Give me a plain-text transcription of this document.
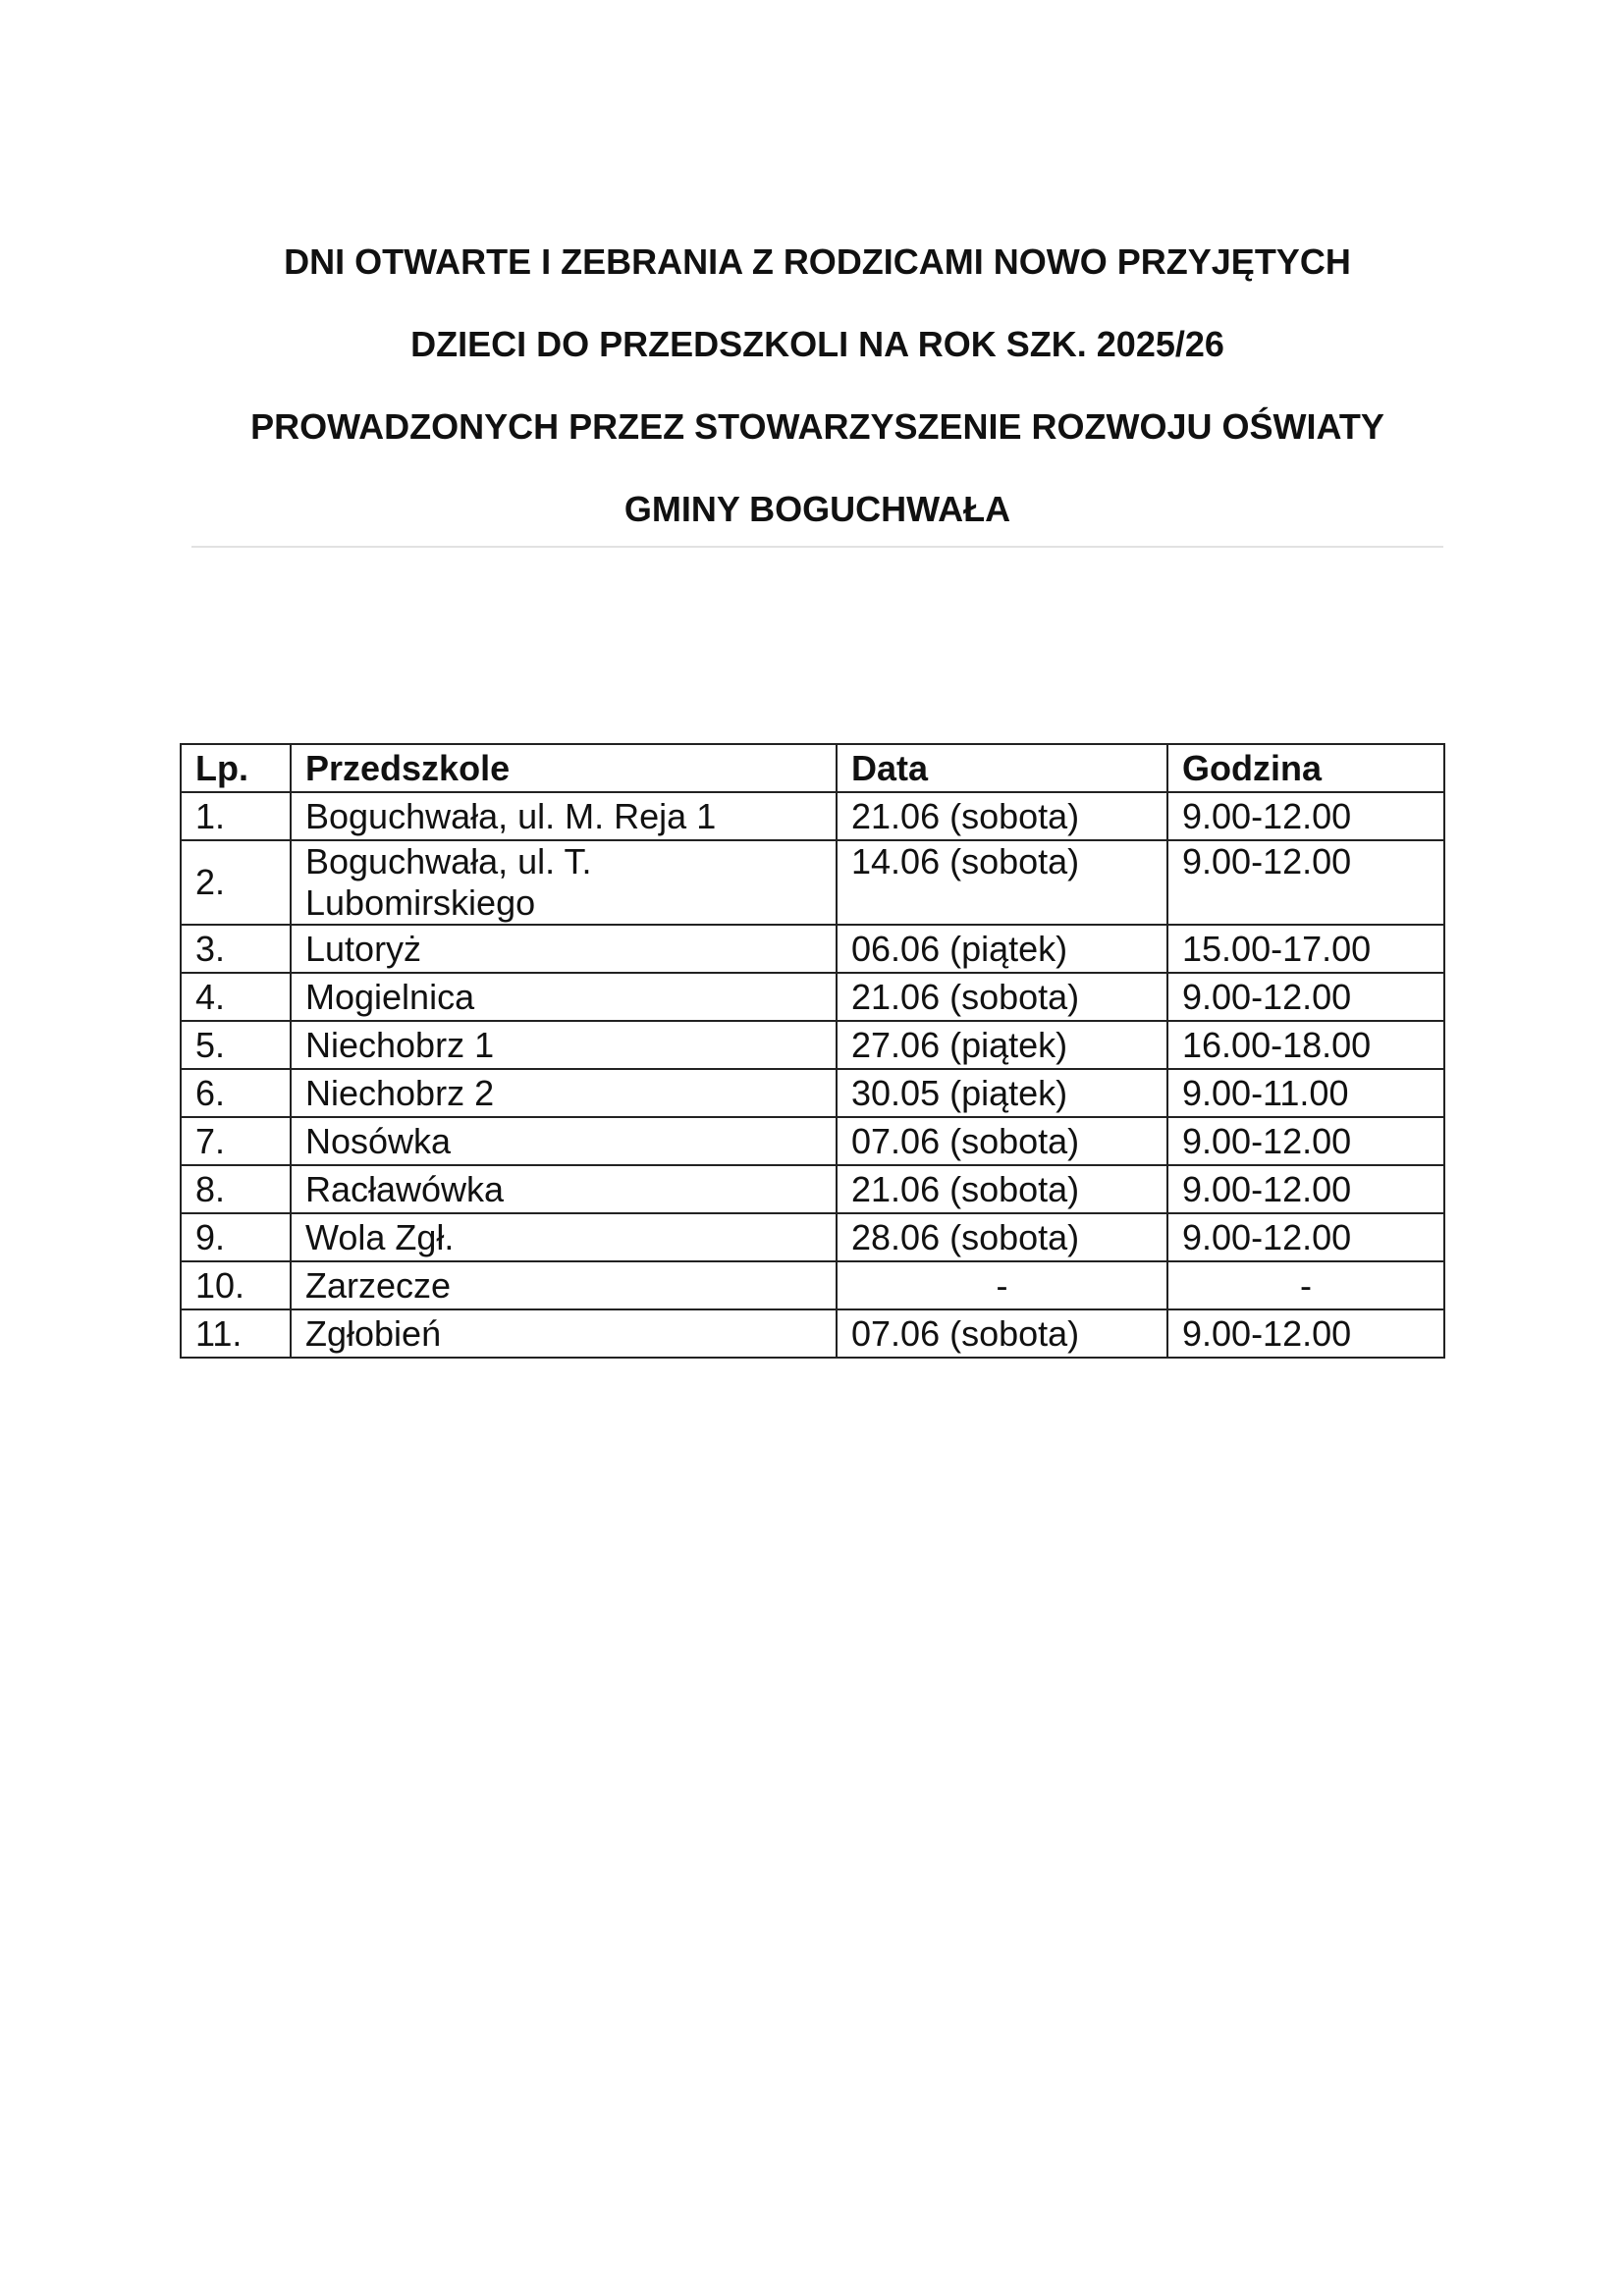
DNI OTWARTE I ZEBRANIA Z RODZICAMI NOWO PRZYJĘTYCH
DZIECI DO PRZEDSZKOLI NA ROK SZK. 2025/26
PROWADZONYCH PRZEZ STOWARZYSZENIE ROZWOJU OŚWIATY
GMINY BOGUCHWAŁA
Lp.	Przedszkole	Data	Godzina
1.	Boguchwała, ul. M. Reja 1	21.06 (sobota)	9.00-12.00
2.	Boguchwała, ul. T. Lubomirskiego	14.06 (sobota)	9.00-12.00
3.	Lutoryż	06.06 (piątek)	15.00-17.00
4.	Mogielnica	21.06 (sobota)	9.00-12.00
5.	Niechobrz 1	27.06 (piątek)	16.00-18.00
6.	Niechobrz 2	30.05 (piątek)	9.00-11.00
7.	Nosówka	07.06 (sobota)	9.00-12.00
8.	Racławówka	21.06 (sobota)	9.00-12.00
9.	Wola Zgł.	28.06 (sobota)	9.00-12.00
10.	Zarzecze	-	-
11.	Zgłobień	07.06 (sobota)	9.00-12.00
